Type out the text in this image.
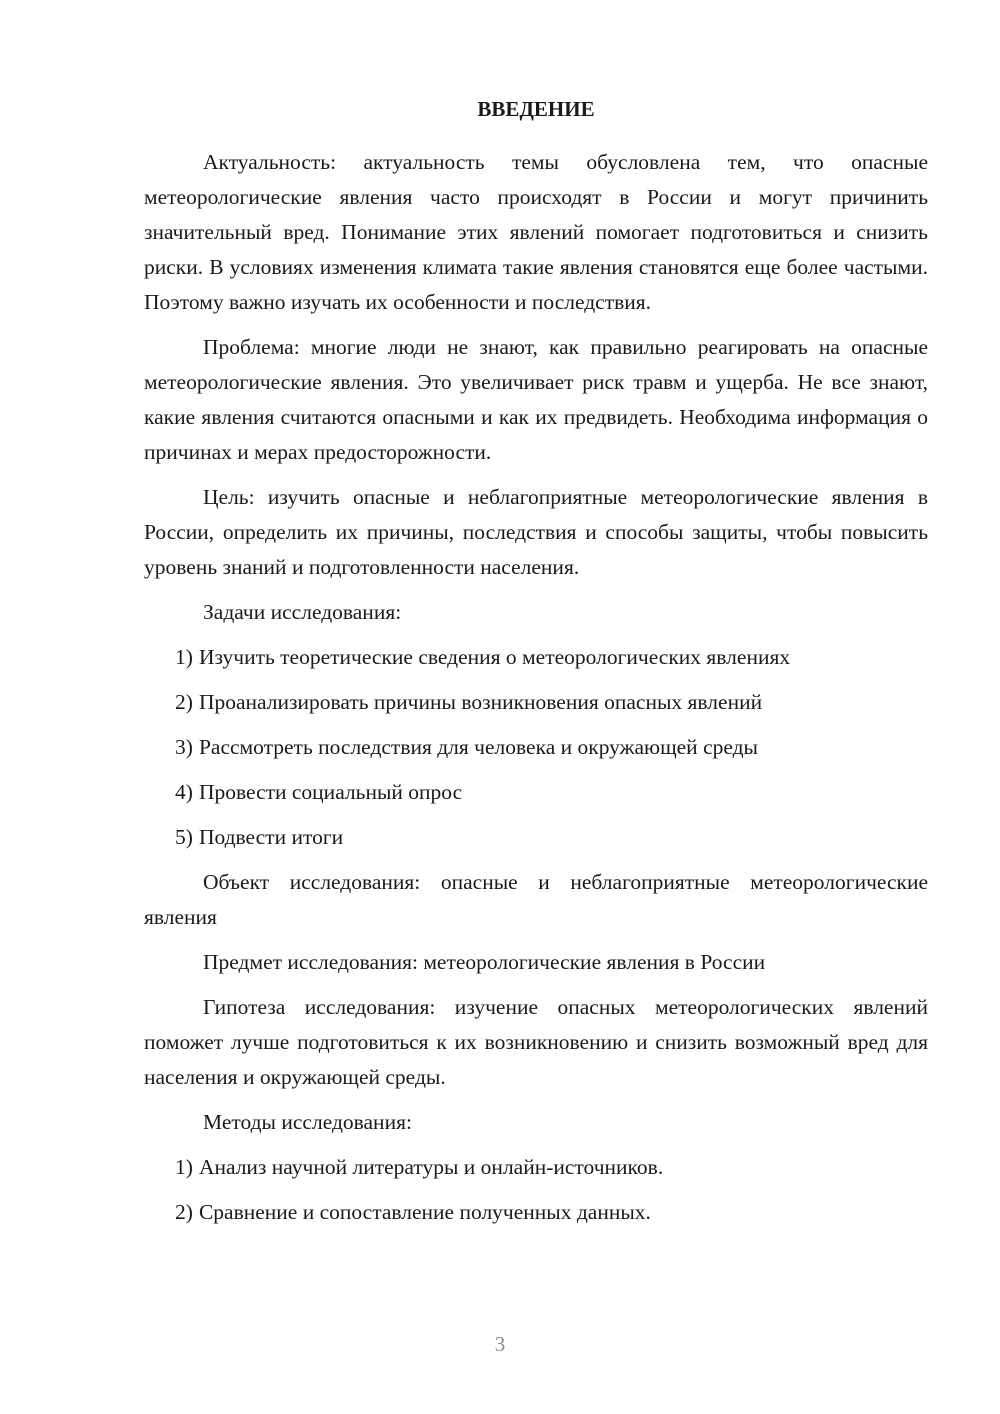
ВВЕДЕНИЕ

Актуальность: актуальность темы обусловлена тем, что опасные метеорологические явления часто происходят в России и могут причинить значительный вред. Понимание этих явлений помогает подготовиться и снизить риски. В условиях изменения климата такие явления становятся еще более частыми. Поэтому важно изучать их особенности и последствия.

Проблема: многие люди не знают, как правильно реагировать на опасные метеорологические явления. Это увеличивает риск травм и ущерба. Не все знают, какие явления считаются опасными и как их предвидеть. Необходима информация о причинах и мерах предосторожности.

Цель: изучить опасные и неблагоприятные метеорологические явления в России, определить их причины, последствия и способы защиты, чтобы повысить уровень знаний и подготовленности населения.

Задачи исследования:

1) Изучить теоретические сведения о метеорологических явлениях
2) Проанализировать причины возникновения опасных явлений
3) Рассмотреть последствия для человека и окружающей среды
4) Провести социальный опрос
5) Подвести итоги

Объект исследования: опасные и неблагоприятные метеорологические явления

Предмет исследования: метеорологические явления в России

Гипотеза исследования: изучение опасных метеорологических явлений поможет лучше подготовиться к их возникновению и снизить возможный вред для населения и окружающей среды.

Методы исследования:

1) Анализ научной литературы и онлайн-источников.
2) Сравнение и сопоставление полученных данных.
3
